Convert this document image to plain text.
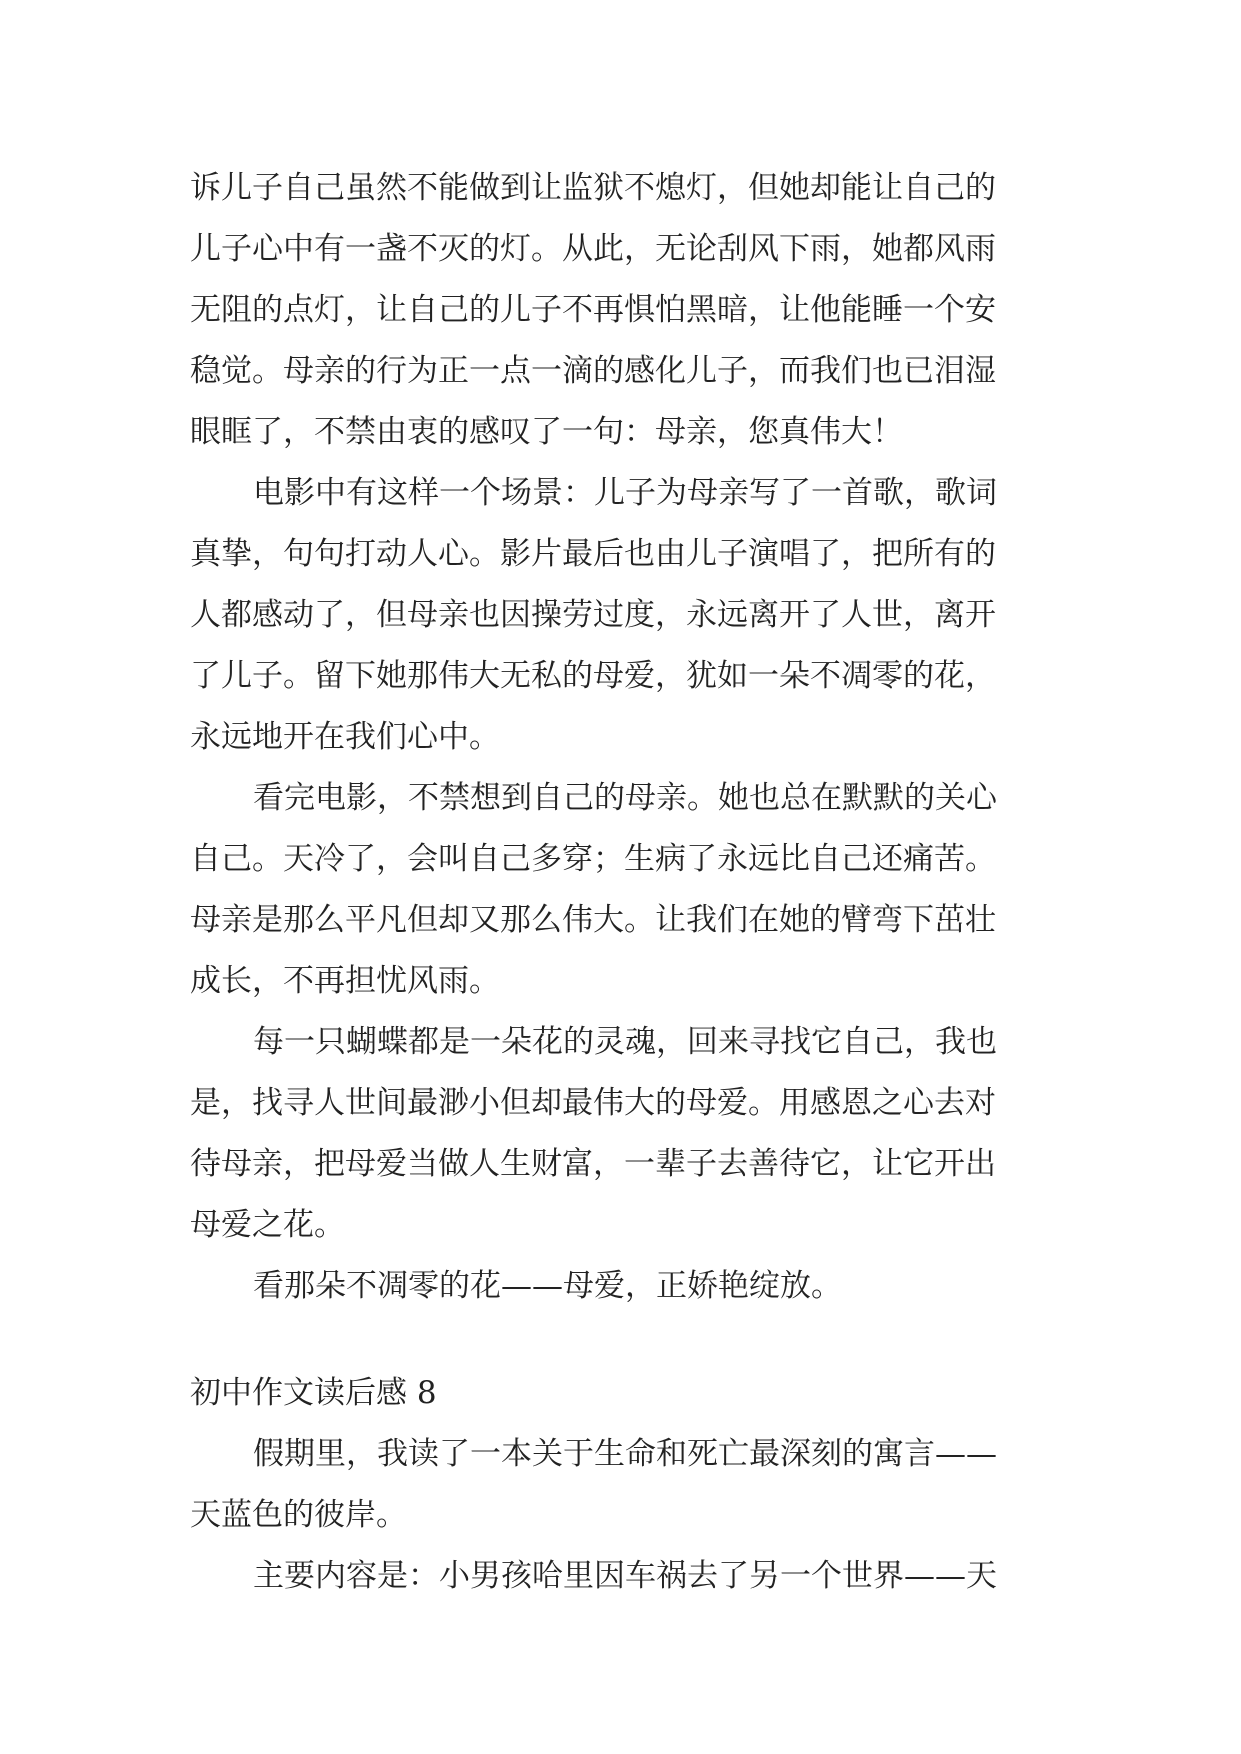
诉儿子自己虽然不能做到让监狱不熄灯，但她却能让自己的
儿子心中有一盏不灭的灯。从此，无论刮风下雨，她都风雨
无阻的点灯，让自己的儿子不再惧怕黑暗，让他能睡一个安
稳觉。母亲的行为正一点一滴的感化儿子，而我们也已泪湿
眼眶了，不禁由衷的感叹了一句：母亲，您真伟大！
电影中有这样一个场景：儿子为母亲写了一首歌，歌词
真挚，句句打动人心。影片最后也由儿子演唱了，把所有的
人都感动了，但母亲也因操劳过度，永远离开了人世，离开
了儿子。留下她那伟大无私的母爱，犹如一朵不凋零的花，
永远地开在我们心中。
看完电影，不禁想到自己的母亲。她也总在默默的关心
自己。天冷了，会叫自己多穿；生病了永远比自己还痛苦。
母亲是那么平凡但却又那么伟大。让我们在她的臂弯下茁壮
成长，不再担忧风雨。
每一只蝴蝶都是一朵花的灵魂，回来寻找它自己，我也
是，找寻人世间最渺小但却最伟大的母爱。用感恩之心去对
待母亲，把母爱当做人生财富，一辈子去善待它，让它开出
母爱之花。
看那朵不凋零的花——母爱，正娇艳绽放。
初中作文读后感 8
假期里，我读了一本关于生命和死亡最深刻的寓言——
天蓝色的彼岸。
主要内容是：小男孩哈里因车祸去了另一个世界——天
